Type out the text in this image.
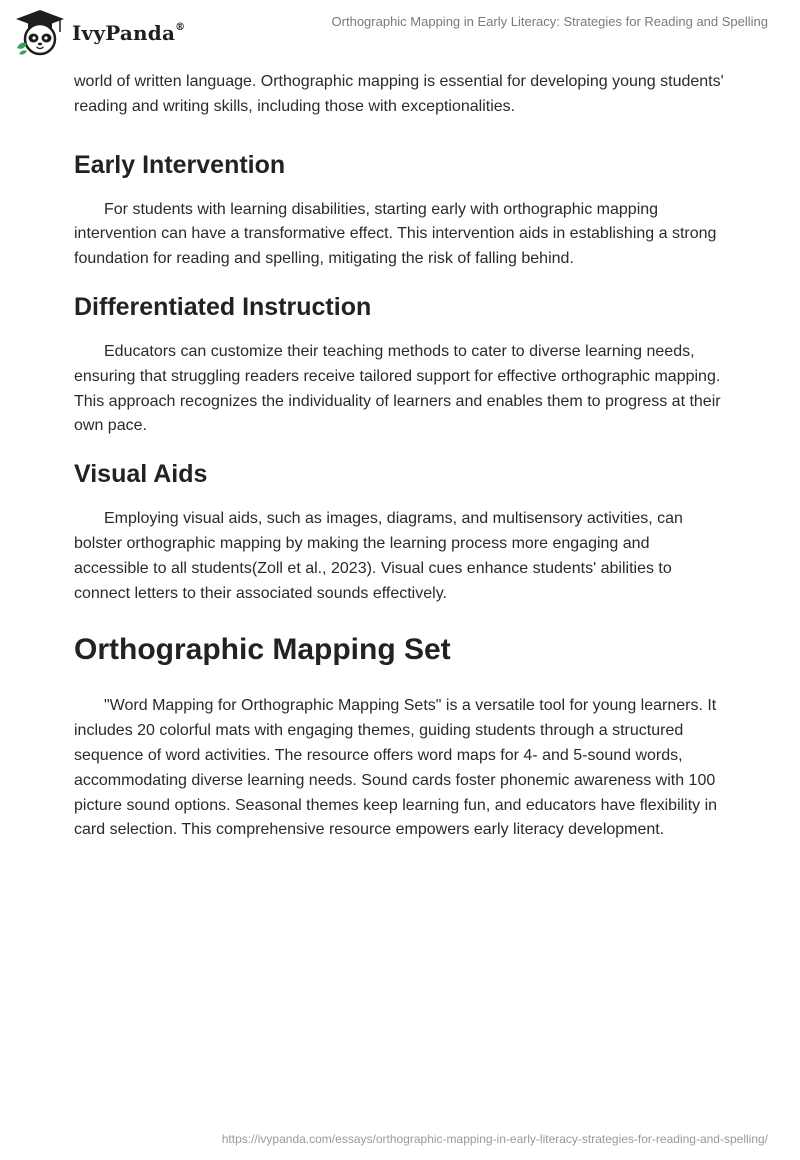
IvyPanda®	Orthographic Mapping in Early Literacy: Strategies for Reading and Spelling

world of written language. Orthographic mapping is essential for developing young students' reading and writing skills, including those with exceptionalities.

Early Intervention

For students with learning disabilities, starting early with orthographic mapping intervention can have a transformative effect. This intervention aids in establishing a strong foundation for reading and spelling, mitigating the risk of falling behind.

Differentiated Instruction

Educators can customize their teaching methods to cater to diverse learning needs, ensuring that struggling readers receive tailored support for effective orthographic mapping. This approach recognizes the individuality of learners and enables them to progress at their own pace.

Visual Aids

Employing visual aids, such as images, diagrams, and multisensory activities, can bolster orthographic mapping by making the learning process more engaging and accessible to all students(Zoll et al., 2023). Visual cues enhance students' abilities to connect letters to their associated sounds effectively.

Orthographic Mapping Set

"Word Mapping for Orthographic Mapping Sets" is a versatile tool for young learners. It includes 20 colorful mats with engaging themes, guiding students through a structured sequence of word activities. The resource offers word maps for 4- and 5-sound words, accommodating diverse learning needs. Sound cards foster phonemic awareness with 100 picture sound options. Seasonal themes keep learning fun, and educators have flexibility in card selection. This comprehensive resource empowers early literacy development.

https://ivypanda.com/essays/orthographic-mapping-in-early-literacy-strategies-for-reading-and-spelling/
